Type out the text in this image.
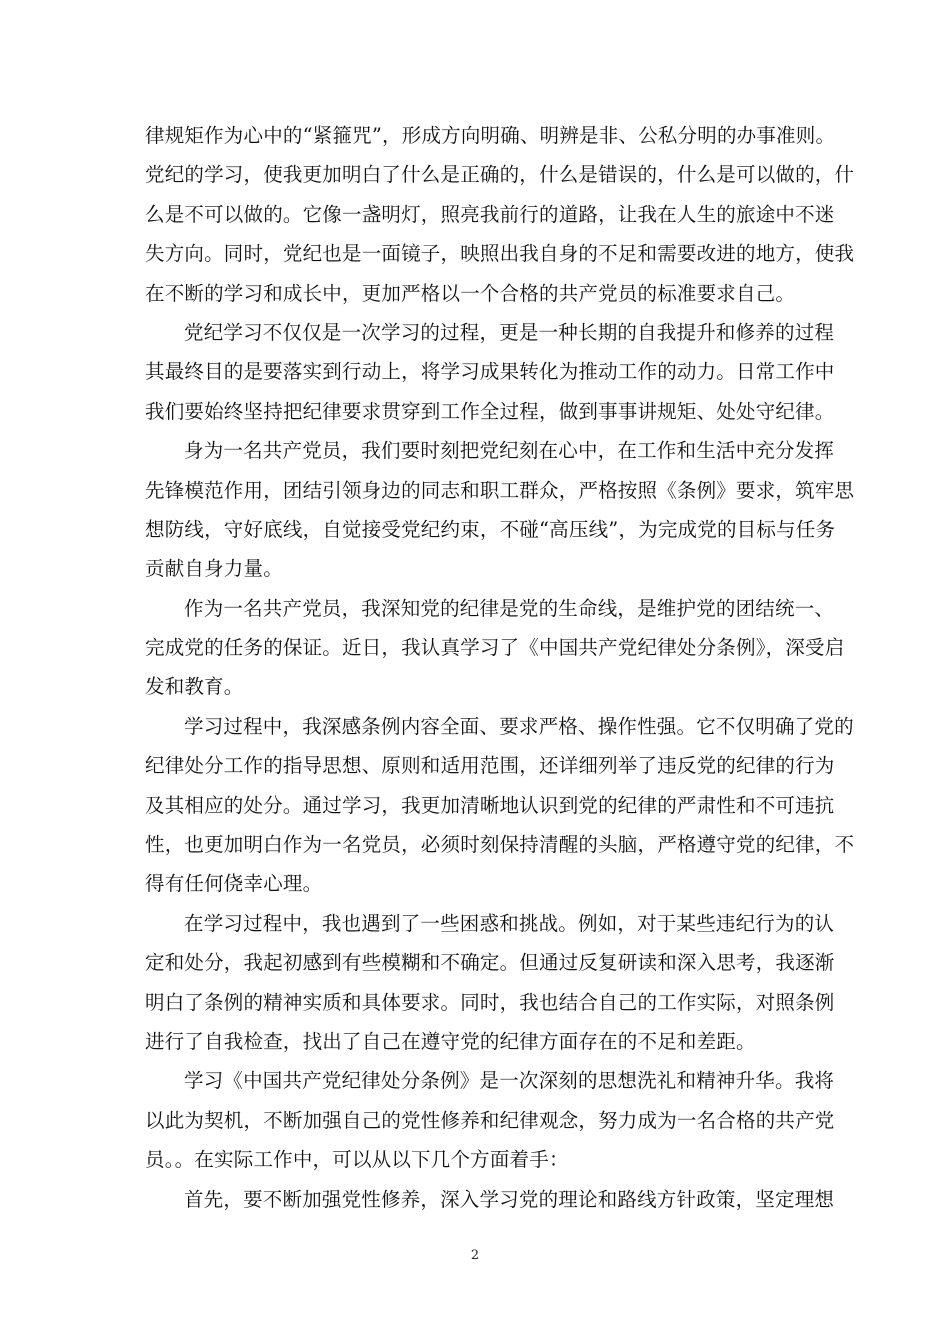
律规矩作为心中的“紧箍咒”，形成方向明确、明辨是非、公私分明的办事准则。
党纪的学习，使我更加明白了什么是正确的，什么是错误的，什么是可以做的，什
么是不可以做的。它像一盏明灯，照亮我前行的道路，让我在人生的旅途中不迷
失方向。同时，党纪也是一面镜子，映照出我自身的不足和需要改进的地方，使我
在不断的学习和成长中，更加严格以一个合格的共产党员的标准要求自己。
党纪学习不仅仅是一次学习的过程，更是一种长期的自我提升和修养的过程
其最终目的是要落实到行动上，将学习成果转化为推动工作的动力。日常工作中
我们要始终坚持把纪律要求贯穿到工作全过程，做到事事讲规矩、处处守纪律。
身为一名共产党员，我们要时刻把党纪刻在心中，在工作和生活中充分发挥
先锋模范作用，团结引领身边的同志和职工群众，严格按照《条例》要求，筑牢思
想防线，守好底线，自觉接受党纪约束，不碰“高压线”，为完成党的目标与任务
贡献自身力量。
作为一名共产党员，我深知党的纪律是党的生命线，是维护党的团结统一、
完成党的任务的保证。近日，我认真学习了《中国共产党纪律处分条例》，深受启
发和教育。
学习过程中，我深感条例内容全面、要求严格、操作性强。它不仅明确了党的
纪律处分工作的指导思想、原则和适用范围，还详细列举了违反党的纪律的行为
及其相应的处分。通过学习，我更加清晰地认识到党的纪律的严肃性和不可违抗
性，也更加明白作为一名党员，必须时刻保持清醒的头脑，严格遵守党的纪律，不
得有任何侥幸心理。
在学习过程中，我也遇到了一些困惑和挑战。例如，对于某些违纪行为的认
定和处分，我起初感到有些模糊和不确定。但通过反复研读和深入思考，我逐渐
明白了条例的精神实质和具体要求。同时，我也结合自己的工作实际，对照条例
进行了自我检查，找出了自己在遵守党的纪律方面存在的不足和差距。
学习《中国共产党纪律处分条例》是一次深刻的思想洗礼和精神升华。我将
以此为契机，不断加强自己的党性修养和纪律观念，努力成为一名合格的共产党
员。。在实际工作中，可以从以下几个方面着手：
首先，要不断加强党性修养，深入学习党的理论和路线方针政策，坚定理想
2
